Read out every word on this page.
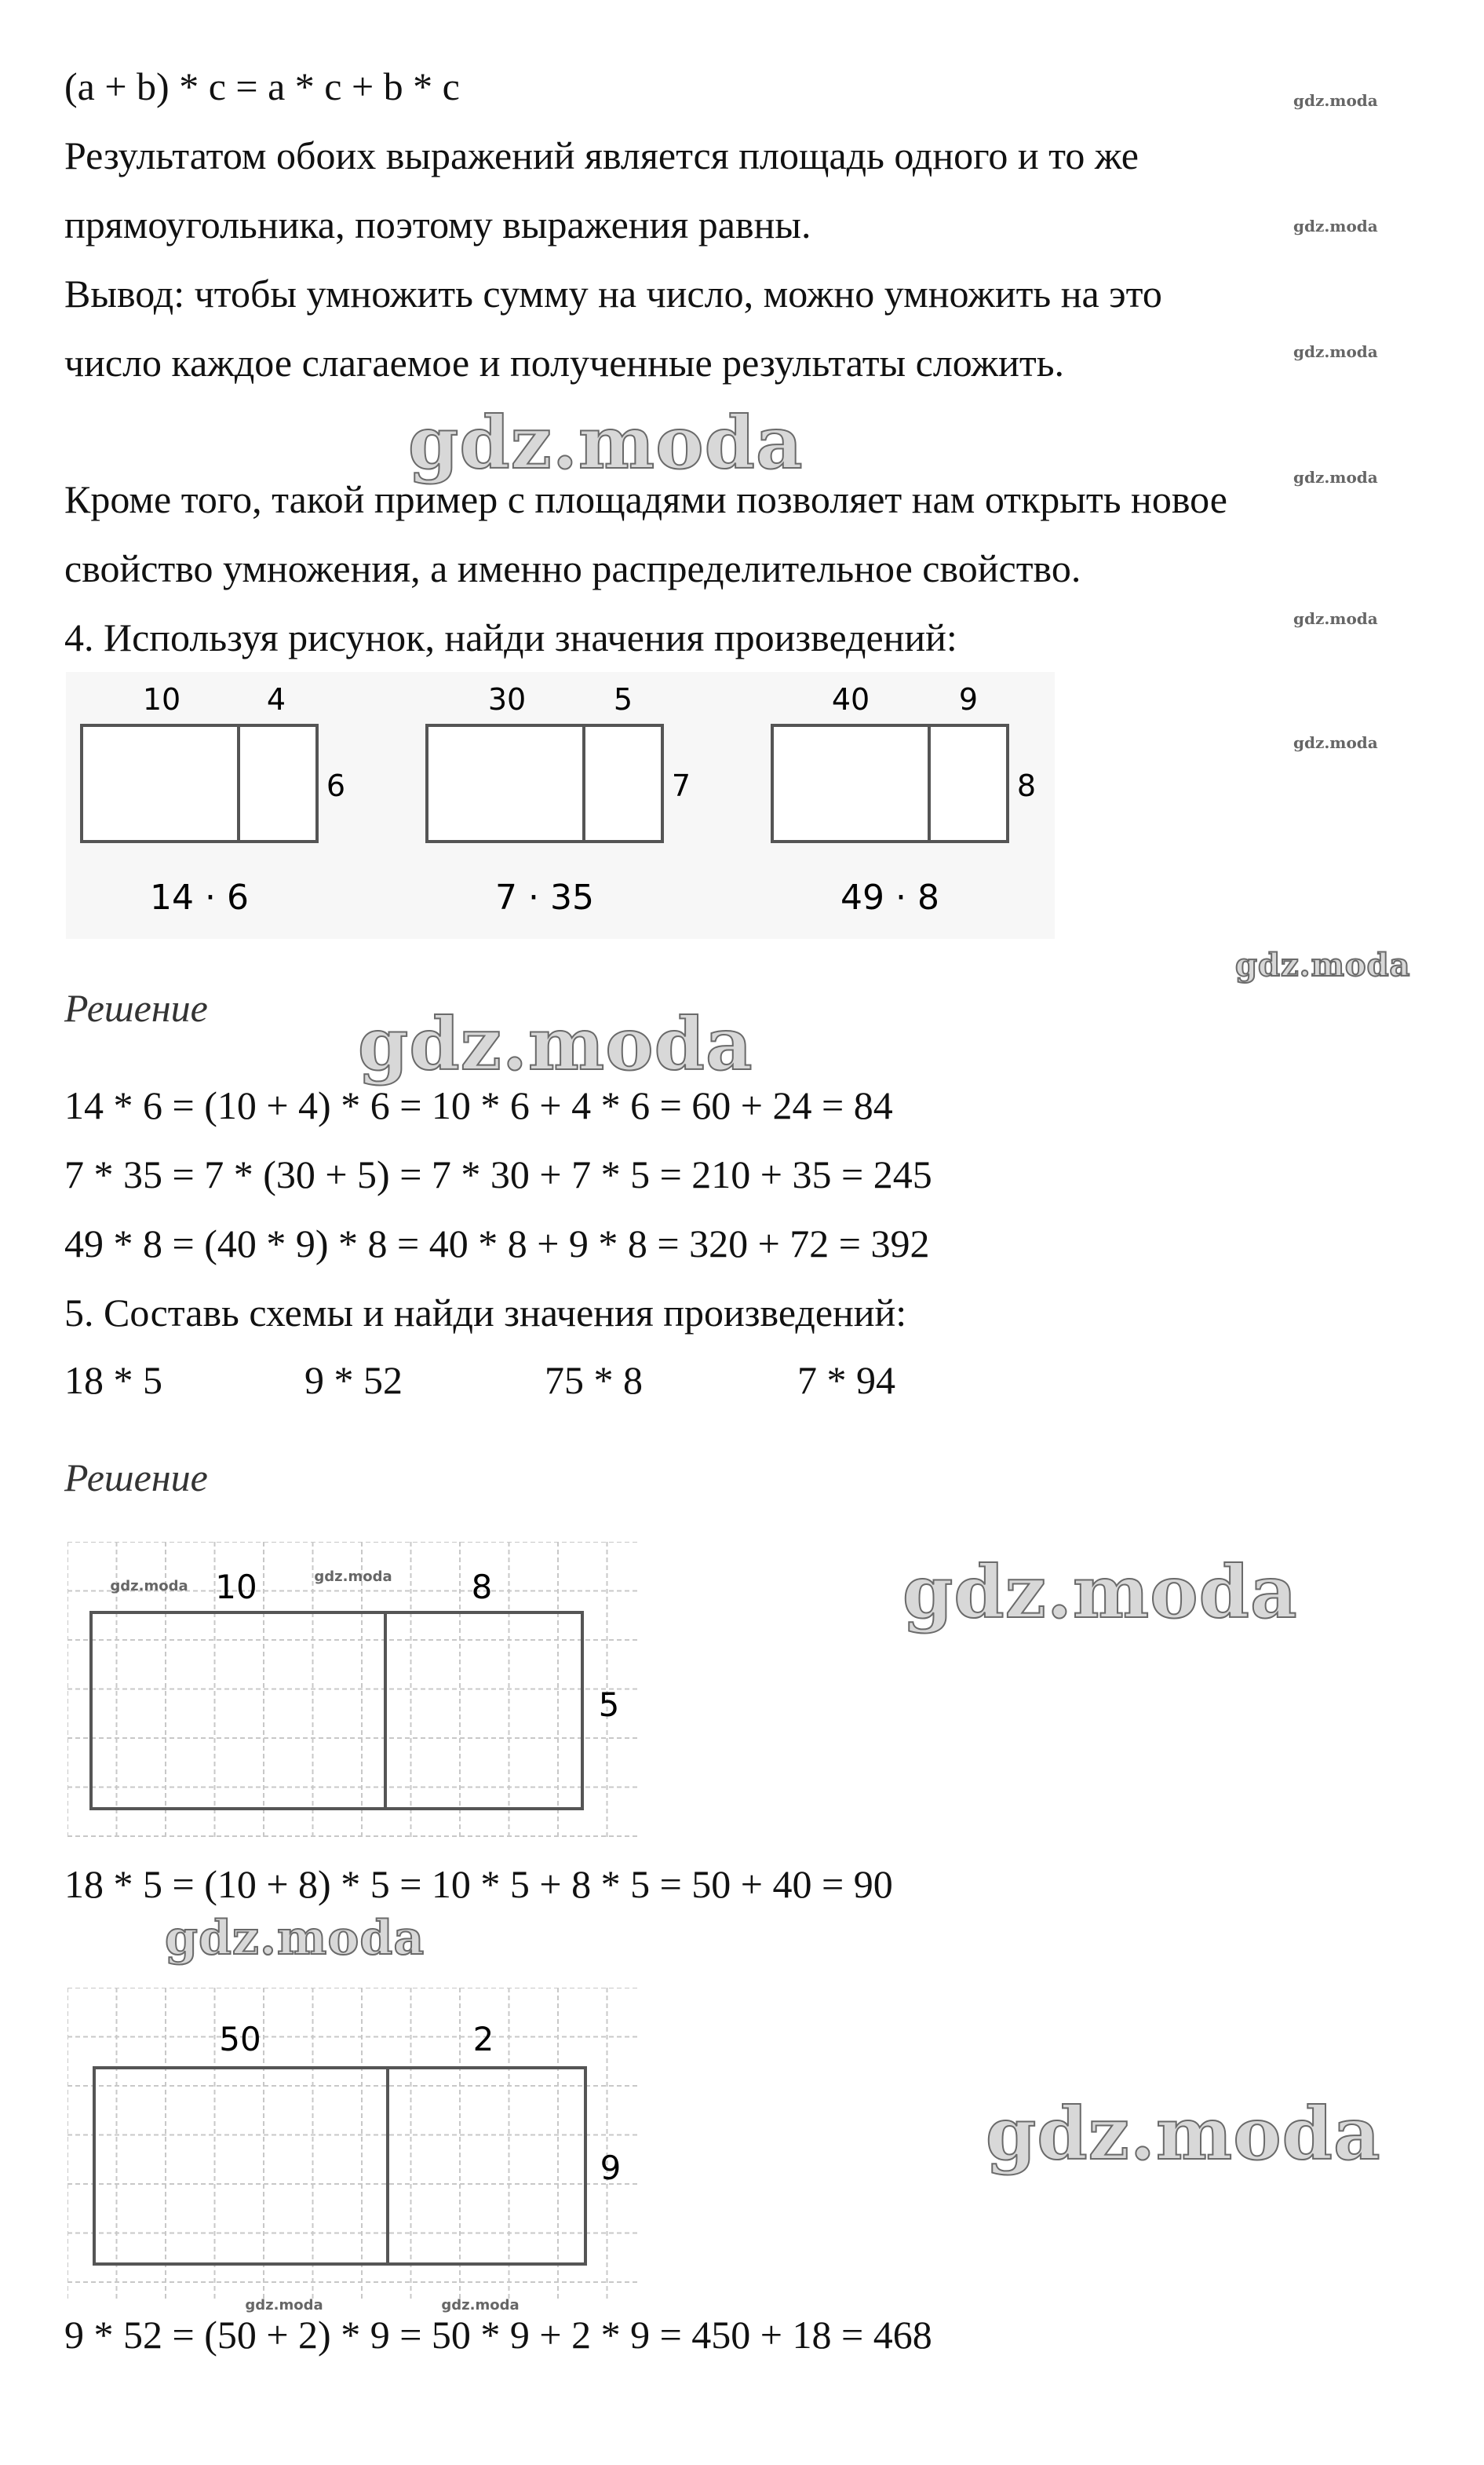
(a + b) * c = a * c + b * c
Результатом обоих выражений является площадь одного и то же
прямоугольника, поэтому выражения равны.
Вывод: чтобы умножить сумму на число, можно умножить на это
число каждое слагаемое и полученные результаты сложить.
Кроме того, такой пример с площадями позволяет нам открыть новое
свойство умножения, а именно распределительное свойство.
4. Используя рисунок, найди значения произведений:
10	4
6
14 · 6
30	5
7
7 · 35
40	9
8
49 · 8
Решение
14 * 6 = (10 + 4) * 6 = 10 * 6 + 4 * 6 = 60 + 24 = 84
7 * 35 = 7 * (30 + 5) = 7 * 30 + 7 * 5 = 210 + 35 = 245
49 * 8 = (40 * 9) * 8 = 40 * 8 + 9 * 8 = 320 + 72 = 392
5. Составь схемы и найди значения произведений:
18 * 5	9 * 52	75 * 8	7 * 94
Решение
10	8
5
gdz.moda
gdz.moda
18 * 5 = (10 + 8) * 5 = 10 * 5 + 8 * 5 = 50 + 40 = 90
50	2
9
gdz.moda	gdz.moda
9 * 52 = (50 + 2) * 9 = 50 * 9 + 2 * 9 = 450 + 18 = 468
gdz.moda
gdz.moda
gdz.moda
gdz.moda
gdz.moda
gdz.moda
gdz.moda
gdz.moda
gdz.moda
gdz.moda
gdz.moda
gdz.moda
